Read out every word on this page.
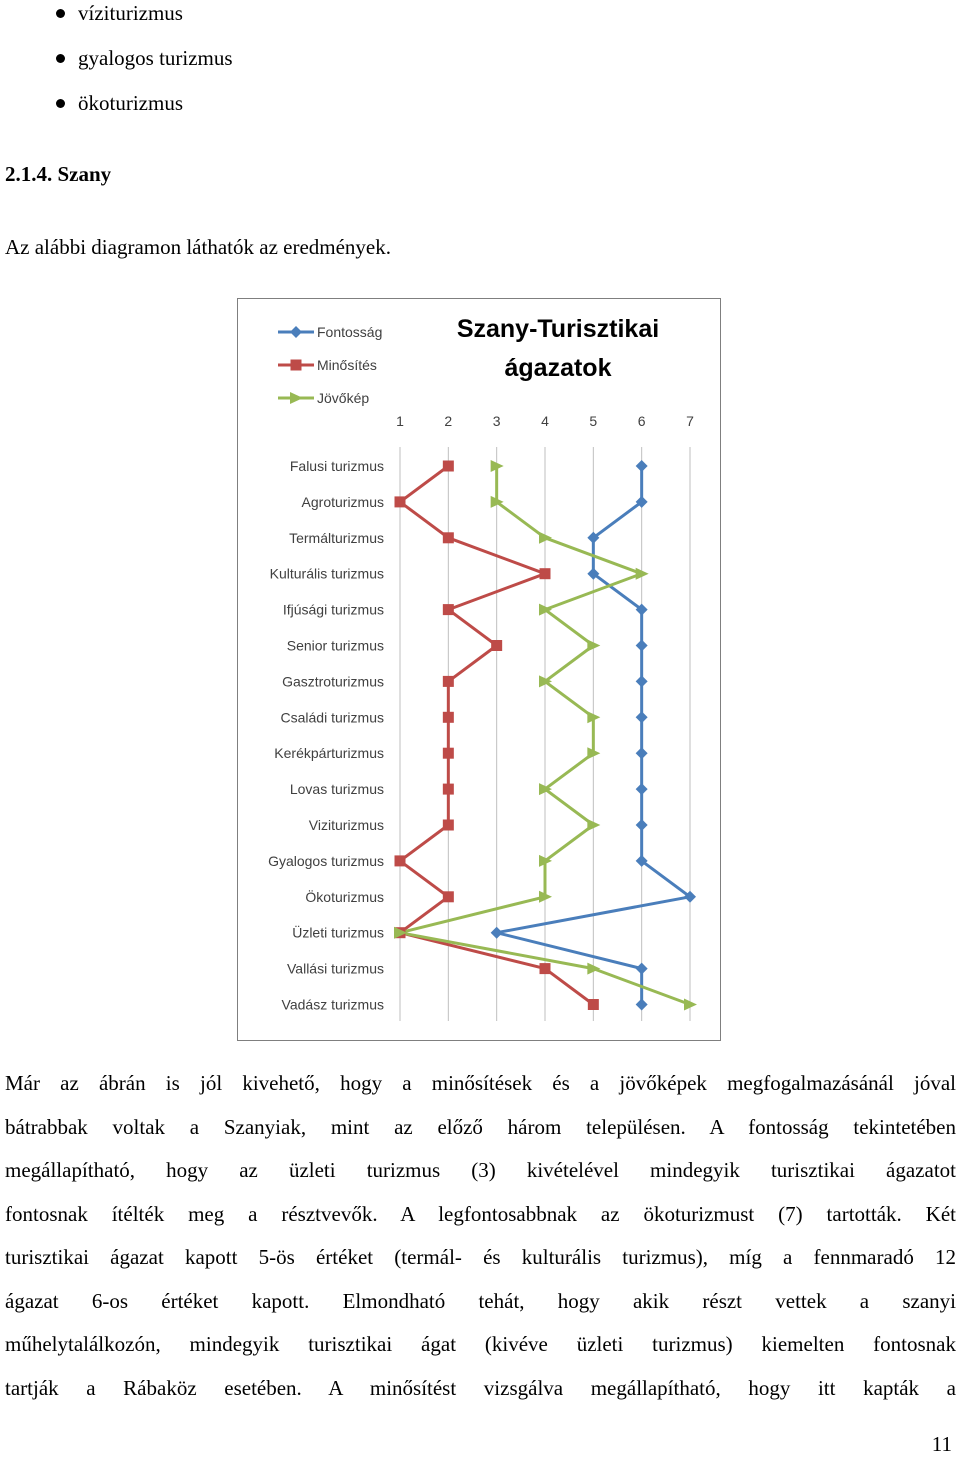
víziturizmus
gyalogos turizmus
ökoturizmus
2.1.4. Szany
Az alábbi diagramon láthatók az eredmények.
Szany-Turisztikai
ágazatok
Fontosság
Minősítés
Jövőkép
1	2	3	4	5	6	7
Falusi turizmus
Agroturizmus
Termálturizmus
Kulturális turizmus
Ifjúsági turizmus
Senior turizmus
Gasztroturizmus
Családi turizmus
Kerékpárturizmus
Lovas turizmus
Viziturizmus
Gyalogos turizmus
Ökoturizmus
Üzleti turizmus
Vallási turizmus
Vadász turizmus
Már az ábrán is jól kivehető, hogy a minősítések és a jövőképek megfogalmazásánál jóval
bátrabbak voltak a Szanyiak, mint az előző három településen. A fontosság tekintetében
megállapítható, hogy az üzleti turizmus (3) kivételével mindegyik turisztikai ágazatot
fontosnak ítélték meg a résztvevők. A legfontosabbnak az ökoturizmust (7) tartották. Két
turisztikai ágazat kapott 5-ös értéket (termál- és kulturális turizmus), míg a fennmaradó 12
ágazat 6-os értéket kapott. Elmondható tehát, hogy akik részt vettek a szanyi
műhelytalálkozón, mindegyik turisztikai ágat (kivéve üzleti turizmus) kiemelten fontosnak
tartják a Rábaköz esetében. A minősítést vizsgálva megállapítható, hogy itt kapták a
11
